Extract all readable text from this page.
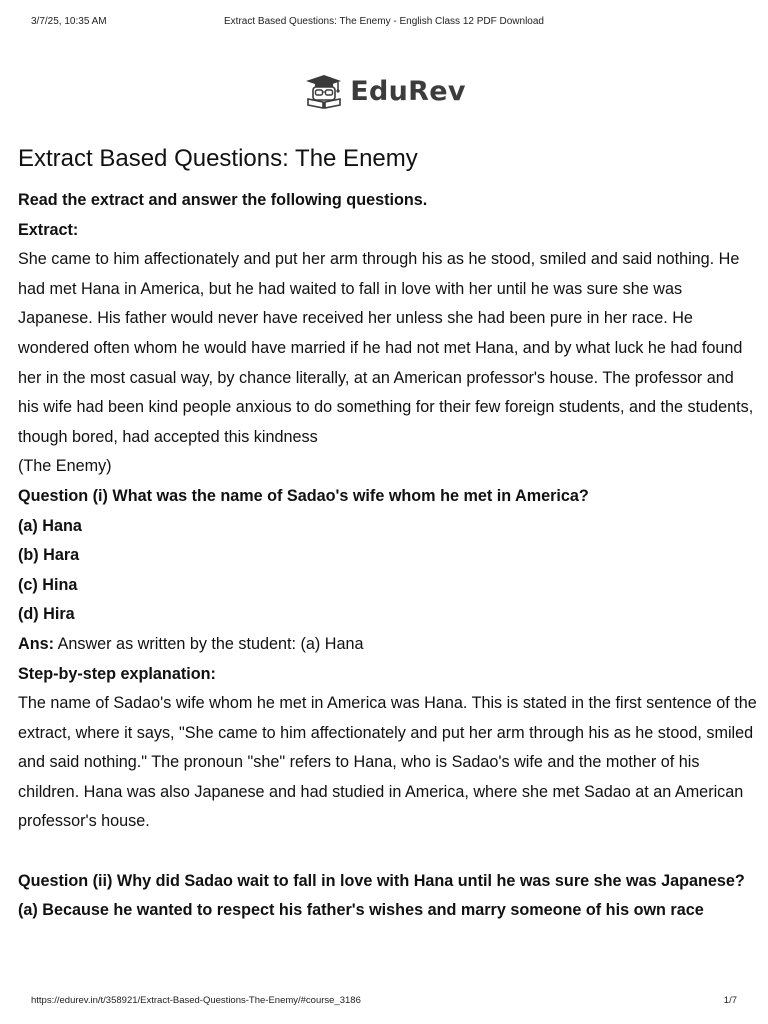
3/7/25, 10:35 AM	Extract Based Questions: The Enemy - English Class 12 PDF Download
EduRev
Extract Based Questions: The Enemy

Read the extract and answer the following questions.

Extract:

She came to him affectionately and put her arm through his as he stood, smiled and said nothing. He had met Hana in America, but he had waited to fall in love with her until he was sure she was Japanese. His father would never have received her unless she had been pure in her race. He wondered often whom he would have married if he had not met Hana, and by what luck he had found her in the most casual way, by chance literally, at an American professor's house. The professor and his wife had been kind people anxious to do something for their few foreign students, and the students, though bored, had accepted this kindness

(The Enemy)

Question (i) What was the name of Sadao's wife whom he met in America?

(a) Hana

(b) Hara

(c) Hina

(d) Hira

Ans: Answer as written by the student: (a) Hana

Step-by-step explanation:

The name of Sadao's wife whom he met in America was Hana. This is stated in the first sentence of the extract, where it says, "She came to him affectionately and put her arm through his as he stood, smiled and said nothing." The pronoun "she" refers to Hana, who is Sadao's wife and the mother of his children. Hana was also Japanese and had studied in America, where she met Sadao at an American professor's house.

Question (ii) Why did Sadao wait to fall in love with Hana until he was sure she was Japanese?

(a) Because he wanted to respect his father's wishes and marry someone of his own race

https://edurev.in/t/358921/Extract-Based-Questions-The-Enemy/#course_3186	1/7
